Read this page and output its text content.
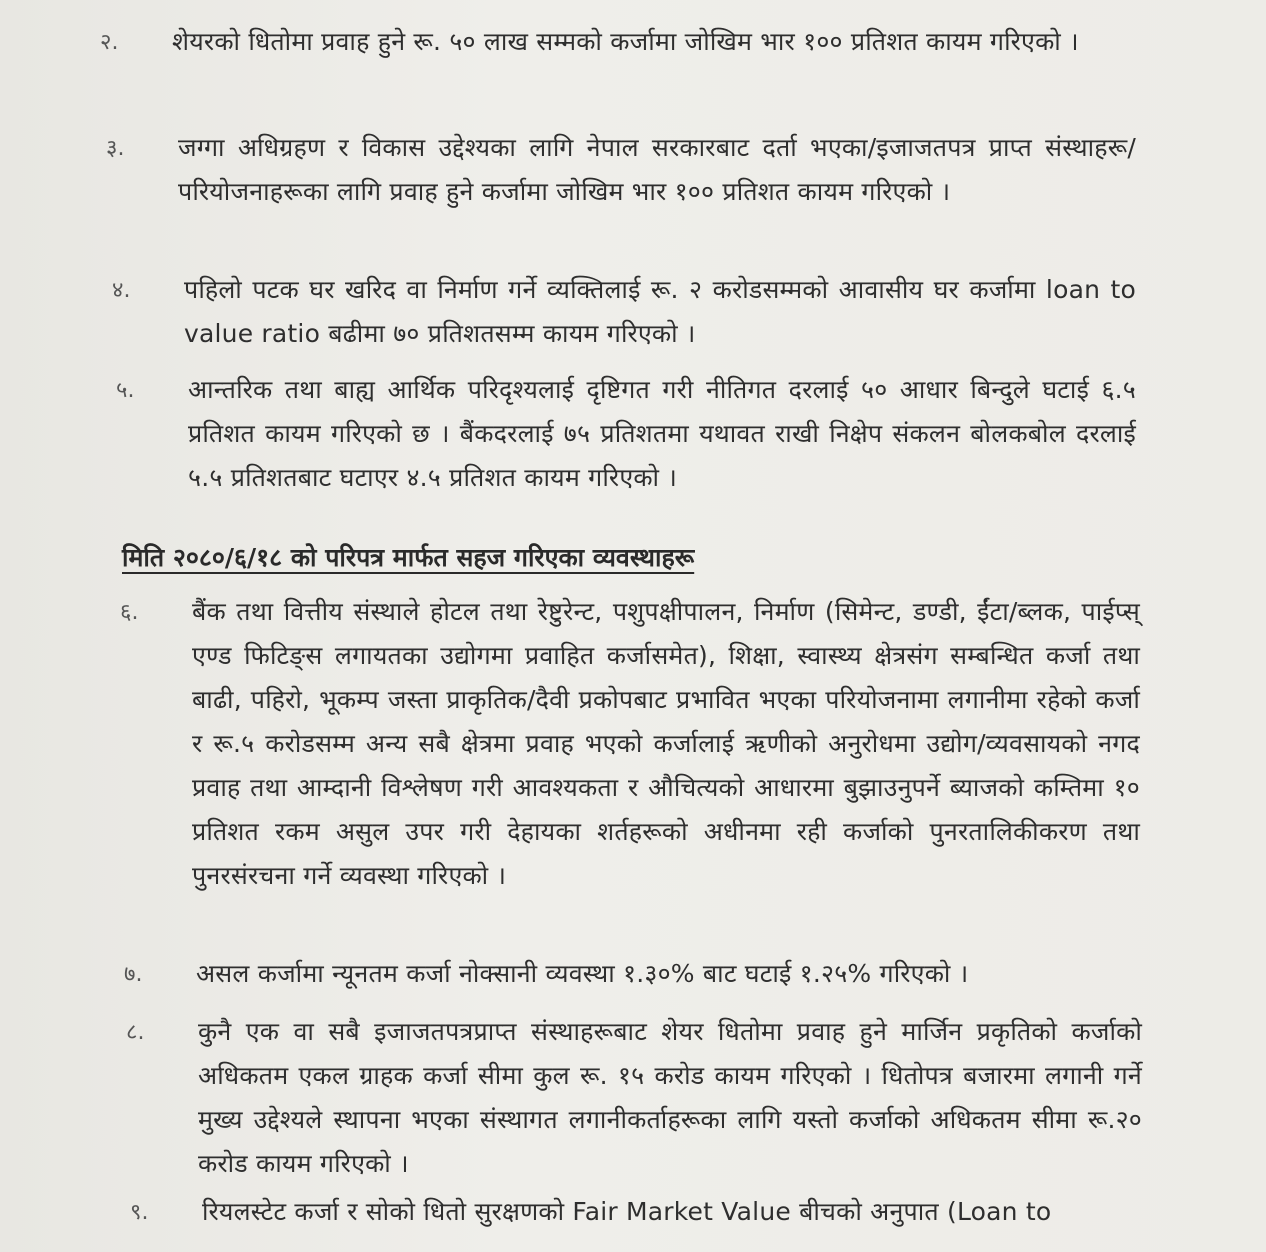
२.	शेयरको धितोमा प्रवाह हुने रू. ५० लाख सम्मको कर्जामा जोखिम भार १०० प्रतिशत कायम गरिएको ।
३.	जग्गा अधिग्रहण र विकास उद्देश्यका लागि नेपाल सरकारबाट दर्ता भएका/इजाजतपत्र प्राप्त संस्थाहरू/परियोजनाहरूका लागि प्रवाह हुने कर्जामा जोखिम भार १०० प्रतिशत कायम गरिएको ।
४.	पहिलो पटक घर खरिद वा निर्माण गर्ने व्यक्तिलाई रू. २ करोडसम्मको आवासीय घर कर्जामा loan to value ratio बढीमा ७० प्रतिशतसम्म कायम गरिएको ।
५.	आन्तरिक तथा बाह्य आर्थिक परिदृश्यलाई दृष्टिगत गरी नीतिगत दरलाई ५० आधार बिन्दुले घटाई ६.५ प्रतिशत कायम गरिएको छ । बैंकदरलाई ७५ प्रतिशतमा यथावत राखी निक्षेप संकलन बोलकबोल दरलाई ५.५ प्रतिशतबाट घटाएर ४.५ प्रतिशत कायम गरिएको ।
मिति २०८०/६/१८ को परिपत्र मार्फत सहज गरिएका व्यवस्थाहरू
६.	बैंक तथा वित्तीय संस्थाले होटल तथा रेष्टुरेन्ट, पशुपक्षीपालन, निर्माण (सिमेन्ट, डण्डी, ईंटा/ब्लक, पाईप्स् एण्ड फिटिङ्स लगायतका उद्योगमा प्रवाहित कर्जासमेत), शिक्षा, स्वास्थ्य क्षेत्रसंग सम्बन्धित कर्जा तथा बाढी, पहिरो, भूकम्प जस्ता प्राकृतिक/दैवी प्रकोपबाट प्रभावित भएका परियोजनामा लगानीमा रहेको कर्जा र रू.५ करोडसम्म अन्य सबै क्षेत्रमा प्रवाह भएको कर्जालाई ऋणीको अनुरोधमा उद्योग/व्यवसायको नगद प्रवाह तथा आम्दानी विश्लेषण गरी आवश्यकता र औचित्यको आधारमा बुझाउनुपर्ने ब्याजको कम्तिमा १० प्रतिशत रकम असुल उपर गरी देहायका शर्तहरूको अधीनमा रही कर्जाको पुनरतालिकीकरण तथा पुनरसंरचना गर्ने व्यवस्था गरिएको ।
७.	असल कर्जामा न्यूनतम कर्जा नोक्सानी व्यवस्था १.३०% बाट घटाई १.२५% गरिएको ।
८.	कुनै एक वा सबै इजाजतपत्रप्राप्त संस्थाहरूबाट शेयर धितोमा प्रवाह हुने मार्जिन प्रकृतिको कर्जाको अधिकतम एकल ग्राहक कर्जा सीमा कुल रू. १५ करोड कायम गरिएको । धितोपत्र बजारमा लगानी गर्ने मुख्य उद्देश्यले स्थापना भएका संस्थागत लगानीकर्ताहरूका लागि यस्तो कर्जाको अधिकतम सीमा रू.२० करोड कायम गरिएको ।
९.	रियलस्टेट कर्जा र सोको धितो सुरक्षणको Fair Market Value बीचको अनुपात (Loan to
